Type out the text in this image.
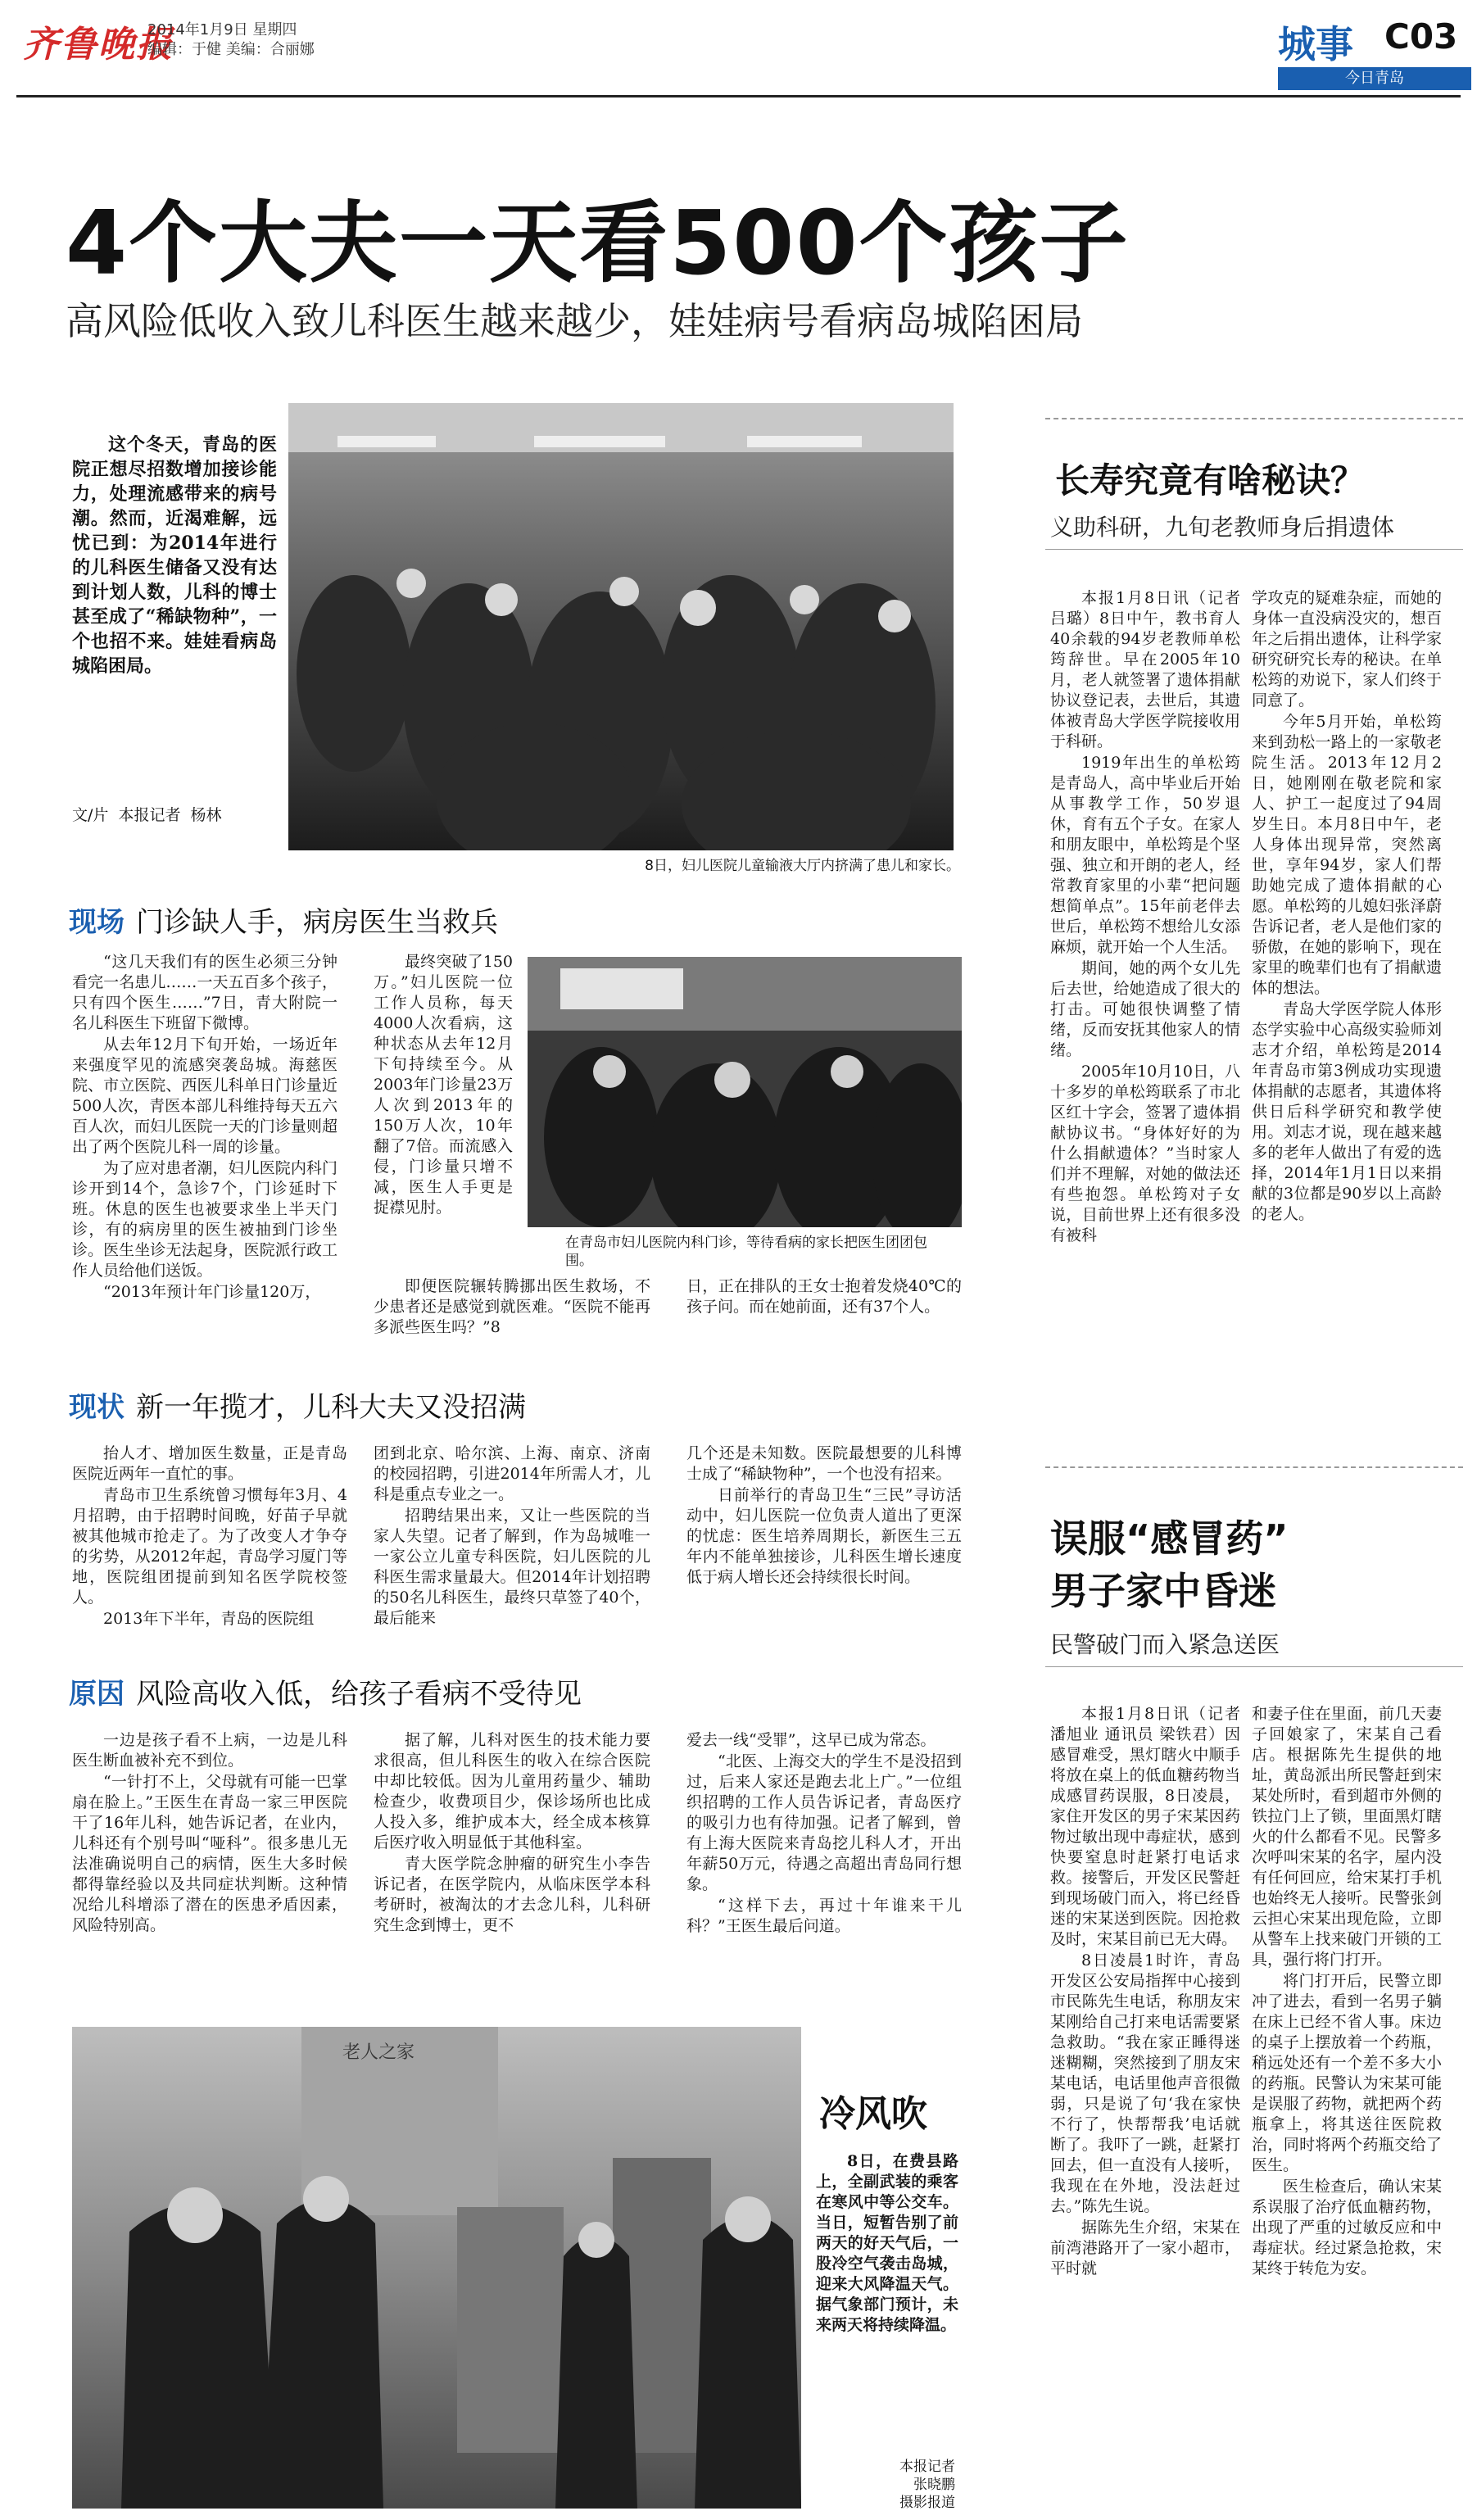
齐鲁晚报
2014年1月9日 星期四
编辑：于健 美编：合丽娜	城事 C03
今日青岛
4个大夫一天看500个孩子
高风险低收入致儿科医生越来越少，娃娃病号看病岛城陷困局
这个冬天，青岛的医院正想尽招数增加接诊能力，处理流感带来的病号潮。然而，近渴难解，远忧已到：为2014年进行的儿科医生储备又没有达到计划人数，儿科的博士甚至成了“稀缺物种”，一个也招不来。娃娃看病岛城陷困局。
文/片  本报记者  杨林
8日，妇儿医院儿童输液大厅内挤满了患儿和家长。
现场 门诊缺人手，病房医生当救兵

“这几天我们有的医生必须三分钟看完一名患儿……一天五百多个孩子，只有四个医生……”7日，青大附院一名儿科医生下班留下微博。

从去年12月下旬开始，一场近年来强度罕见的流感突袭岛城。海慈医院、市立医院、西医儿科单日门诊量近500人次，青医本部儿科维持每天五六百人次，而妇儿医院一天的门诊量则超出了两个医院儿科一周的诊量。

为了应对患者潮，妇儿医院内科门诊开到14个，急诊7个，门诊延时下班。休息的医生也被要求坐上半天门诊，有的病房里的医生被抽到门诊坐诊。医生坐诊无法起身，医院派行政工作人员给他们送饭。

“2013年预计年门诊量120万，

最终突破了150万。”妇儿医院一位工作人员称，每天4000人次看病，这种状态从去年12月下旬持续至今。从2003年门诊量23万人次到2013年的150万人次，10年翻了7倍。而流感入侵，门诊量只增不减，医生人手更是捉襟见肘。

在青岛市妇儿医院内科门诊，等待看病的家长把医生团团包围。

即便医院辗转腾挪出医生救场，不少患者还是感觉到就医难。“医院不能再多派些医生吗？”8

日，正在排队的王女士抱着发烧40℃的孩子问。而在她前面，还有37个人。

现状 新一年揽才，儿科大夫又没招满

抬人才、增加医生数量，正是青岛医院近两年一直忙的事。

青岛市卫生系统曾习惯每年3月、4月招聘，由于招聘时间晚，好苗子早就被其他城市抢走了。为了改变人才争夺的劣势，从2012年起，青岛学习厦门等地，医院组团提前到知名医学院校签人。

2013年下半年，青岛的医院组

团到北京、哈尔滨、上海、南京、济南的校园招聘，引进2014年所需人才，儿科是重点专业之一。

招聘结果出来，又让一些医院的当家人失望。记者了解到，作为岛城唯一一家公立儿童专科医院，妇儿医院的儿科医生需求量最大。但2014年计划招聘的50名儿科医生，最终只草签了40个，最后能来

几个还是未知数。医院最想要的儿科博士成了“稀缺物种”，一个也没有招来。

日前举行的青岛卫生“三民”寻访活动中，妇儿医院一位负责人道出了更深的忧虑：医生培养周期长，新医生三五年内不能单独接诊，儿科医生增长速度低于病人增长还会持续很长时间。

原因 风险高收入低，给孩子看病不受待见

一边是孩子看不上病，一边是儿科医生断血被补充不到位。

“一针打不上，父母就有可能一巴掌扇在脸上。”王医生在青岛一家三甲医院干了16年儿科，她告诉记者，在业内，儿科还有个别号叫“哑科”。很多患儿无法准确说明自己的病情，医生大多时候都得靠经验以及共同症状判断。这种情况给儿科增添了潜在的医患矛盾因素，风险特别高。

据了解，儿科对医生的技术能力要求很高，但儿科医生的收入在综合医院中却比较低。因为儿童用药量少、辅助检查少，收费项目少，保诊场所也比成人投入多，维护成本大，经全成本核算后医疗收入明显低于其他科室。

青大医学院念肿瘤的研究生小李告诉记者，在医学院内，从临床医学本科考研时，被淘汰的才去念儿科，儿科研究生念到博士，更不

爱去一线“受罪”，这早已成为常态。

“北医、上海交大的学生不是没招到过，后来人家还是跑去北上广。”一位组织招聘的工作人员告诉记者，青岛医疗的吸引力也有待加强。记者了解到，曾有上海大医院来青岛挖儿科人才，开出年薪50万元，待遇之高超出青岛同行想象。

“这样下去，再过十年谁来干儿科？”王医生最后问道。

老人之家
冷风吹
8日，在费县路上，全副武装的乘客在寒风中等公交车。当日，短暂告别了前两天的好天气后，一股冷空气袭击岛城，迎来大风降温天气。据气象部门预计，未来两天将持续降温。
本报记者
张晓鹏
摄影报道
长寿究竟有啥秘诀？
义助科研，九旬老教师身后捐遗体

本报1月8日讯（记者 吕璐）8日中午，教书育人40余载的94岁老教师单松筠辞世。早在2005年10月，老人就签署了遗体捐献协议登记表，去世后，其遗体被青岛大学医学院接收用于科研。

1919年出生的单松筠是青岛人，高中毕业后开始从事教学工作，50岁退休，育有五个子女。在家人和朋友眼中，单松筠是个坚强、独立和开朗的老人，经常教育家里的小辈“把问题想简单点”。15年前老伴去世后，单松筠不想给儿女添麻烦，就开始一个人生活。

期间，她的两个女儿先后去世，给她造成了很大的打击。可她很快调整了情绪，反而安抚其他家人的情绪。

2005年10月10日，八十多岁的单松筠联系了市北区红十字会，签署了遗体捐献协议书。“身体好好的为什么捐献遗体？”当时家人们并不理解，对她的做法还有些抱怨。单松筠对子女说，目前世界上还有很多没有被科

学攻克的疑难杂症，而她的身体一直没病没灾的，想百年之后捐出遗体，让科学家研究研究长寿的秘诀。在单松筠的劝说下，家人们终于同意了。

今年5月开始，单松筠来到劲松一路上的一家敬老院生活。2013年12月2日，她刚刚在敬老院和家人、护工一起度过了94周岁生日。本月8日中午，老人身体出现异常，突然离世，享年94岁，家人们帮助她完成了遗体捐献的心愿。单松筠的儿媳妇张泽蔚告诉记者，老人是他们家的骄傲，在她的影响下，现在家里的晚辈们也有了捐献遗体的想法。

青岛大学医学院人体形态学实验中心高级实验师刘志才介绍，单松筠是2014年青岛市第3例成功实现遗体捐献的志愿者，其遗体将供日后科学研究和教学使用。刘志才说，现在越来越多的老年人做出了有爱的选择，2014年1月1日以来捐献的3位都是90岁以上高龄的老人。

误服“感冒药”
男子家中昏迷
民警破门而入紧急送医

本报1月8日讯（记者 潘旭业 通讯员 梁铁君）因感冒难受，黑灯瞎火中顺手将放在桌上的低血糖药物当成感冒药误服，8日凌晨，家住开发区的男子宋某因药物过敏出现中毒症状，感到快要窒息时赶紧打电话求救。接警后，开发区民警赶到现场破门而入，将已经昏迷的宋某送到医院。因抢救及时，宋某目前已无大碍。

8日凌晨1时许，青岛开发区公安局指挥中心接到市民陈先生电话，称朋友宋某刚给自己打来电话需要紧急救助。“我在家正睡得迷迷糊糊，突然接到了朋友宋某电话，电话里他声音很微弱，只是说了句‘我在家快不行了，快帮帮我’电话就断了。我吓了一跳，赶紧打回去，但一直没有人接听，我现在在外地，没法赶过去。”陈先生说。

据陈先生介绍，宋某在前湾港路开了一家小超市，平时就

和妻子住在里面，前几天妻子回娘家了，宋某自己看店。根据陈先生提供的地址，黄岛派出所民警赶到宋某处所时，看到超市外侧的铁拉门上了锁，里面黑灯瞎火的什么都看不见。民警多次呼叫宋某的名字，屋内没有任何回应，给宋某打手机也始终无人接听。民警张剑云担心宋某出现危险，立即从警车上找来破门开锁的工具，强行将门打开。

将门打开后，民警立即冲了进去，看到一名男子躺在床上已经不省人事。床边的桌子上摆放着一个药瓶，稍远处还有一个差不多大小的药瓶。民警认为宋某可能是误服了药物，就把两个药瓶拿上，将其送往医院救治，同时将两个药瓶交给了医生。

医生检查后，确认宋某系误服了治疗低血糖药物，出现了严重的过敏反应和中毒症状。经过紧急抢救，宋某终于转危为安。
